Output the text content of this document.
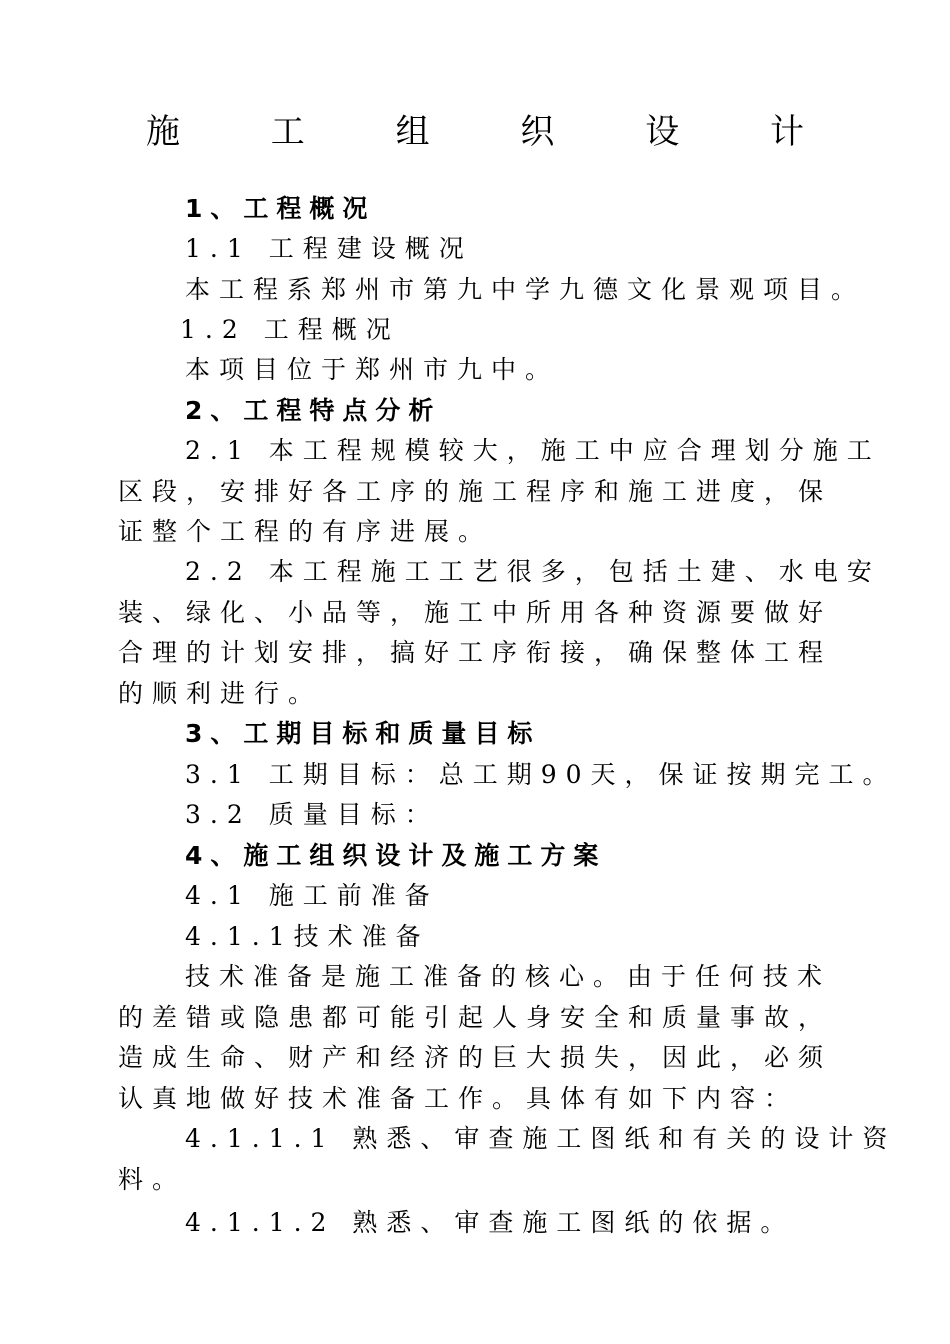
施 工 组 织 设 计
1、工程概况
1.1 工程建设概况
本工程系郑州市第九中学九德文化景观项目。
1.2 工程概况
本项目位于郑州市九中。
2、工程特点分析
2.1 本工程规模较大，施工中应合理划分施工
区段，安排好各工序的施工程序和施工进度，保
证整个工程的有序进展。
2.2 本工程施工工艺很多，包括土建、水电安
装、绿化、小品等，施工中所用各种资源要做好
合理的计划安排，搞好工序衔接，确保整体工程
的顺利进行。
3、工期目标和质量目标
3.1 工期目标：总工期90天，保证按期完工。
3.2 质量目标：
4、施工组织设计及施工方案
4.1 施工前准备
4.1.1技术准备
技术准备是施工准备的核心。由于任何技术
的差错或隐患都可能引起人身安全和质量事故，
造成生命、财产和经济的巨大损失，因此，必须
认真地做好技术准备工作。具体有如下内容：
4.1.1.1 熟悉、审查施工图纸和有关的设计资
料。
4.1.1.2 熟悉、审查施工图纸的依据。
